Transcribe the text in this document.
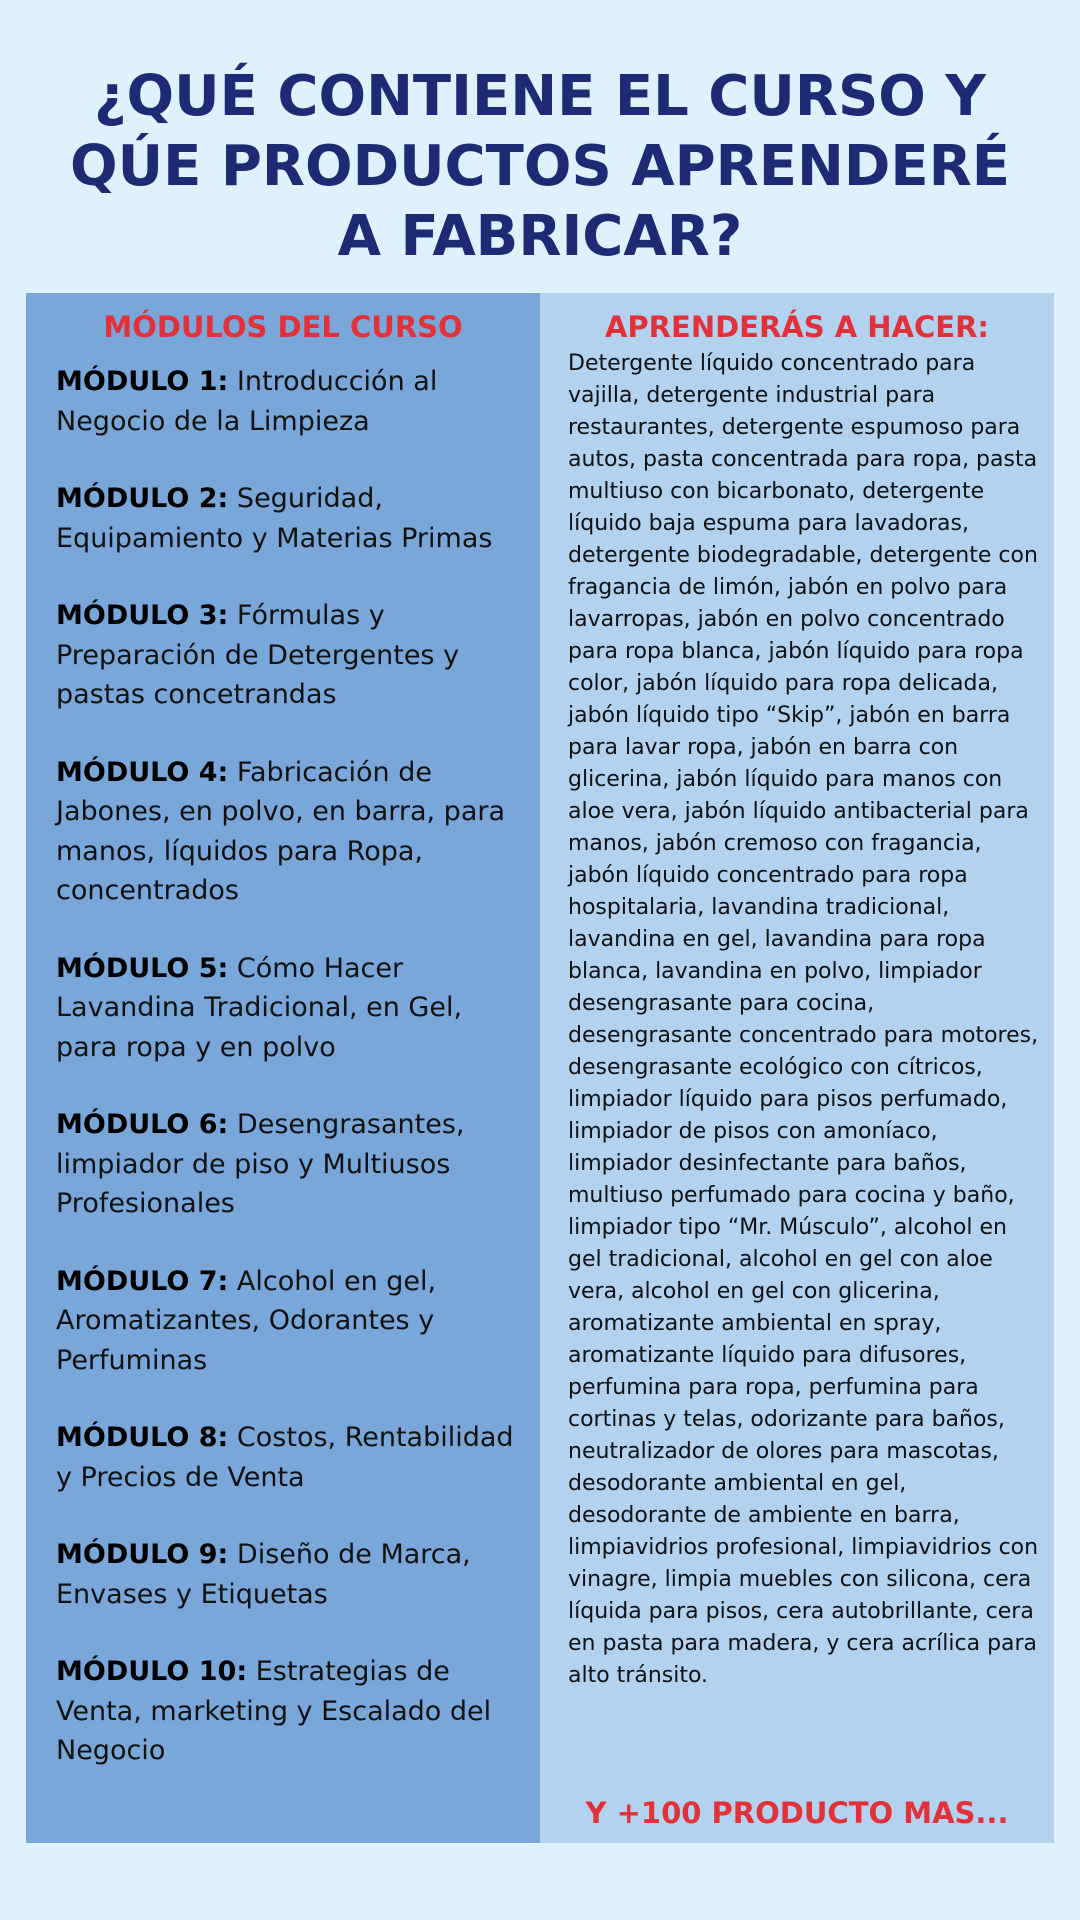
¿QUÉ CONTIENE EL CURSO Y
QÚE PRODUCTOS APRENDERÉ
A FABRICAR?
MÓDULOS DEL CURSO

MÓDULO 1: Introducción al Negocio de la Limpieza

MÓDULO 2: Seguridad, Equipamiento y Materias Primas

MÓDULO 3: Fórmulas y Preparación de Detergentes y pastas concetrandas

MÓDULO 4: Fabricación de Jabones, en polvo, en barra, para manos, líquidos para Ropa, concentrados

MÓDULO 5: Cómo Hacer Lavandina Tradicional, en Gel, para ropa y en polvo

MÓDULO 6: Desengrasantes, limpiador de piso y Multiusos Profesionales

MÓDULO 7: Alcohol en gel, Aromatizantes, Odorantes y Perfuminas

MÓDULO 8: Costos, Rentabilidad y Precios de Venta

MÓDULO 9: Diseño de Marca, Envases y Etiquetas

MÓDULO 10: Estrategias de Venta, marketing y Escalado del Negocio

APRENDERÁS A HACER:

Detergente líquido concentrado para vajilla, detergente industrial para restaurantes, detergente espumoso para autos, pasta concentrada para ropa, pasta multiuso con bicarbonato, detergente líquido baja espuma para lavadoras, detergente biodegradable, detergente con fragancia de limón, jabón en polvo para lavarropas, jabón en polvo concentrado para ropa blanca, jabón líquido para ropa color, jabón líquido para ropa delicada, jabón líquido tipo “Skip”, jabón en barra para lavar ropa, jabón en barra con glicerina, jabón líquido para manos con aloe vera, jabón líquido antibacterial para manos, jabón cremoso con fragancia, jabón líquido concentrado para ropa hospitalaria, lavandina tradicional, lavandina en gel, lavandina para ropa blanca, lavandina en polvo, limpiador desengrasante para cocina, desengrasante concentrado para motores, desengrasante ecológico con cítricos, limpiador líquido para pisos perfumado, limpiador de pisos con amoníaco, limpiador desinfectante para baños, multiuso perfumado para cocina y baño, limpiador tipo “Mr. Músculo”, alcohol en gel tradicional, alcohol en gel con aloe vera, alcohol en gel con glicerina, aromatizante ambiental en spray, aromatizante líquido para difusores, perfumina para ropa, perfumina para cortinas y telas, odorizante para baños, neutralizador de olores para mascotas, desodorante ambiental en gel, desodorante de ambiente en barra, limpiavidrios profesional, limpiavidrios con vinagre, limpia muebles con silicona, cera líquida para pisos, cera autobrillante, cera en pasta para madera, y cera acrílica para alto tránsito.

Y +100 PRODUCTO MAS...
